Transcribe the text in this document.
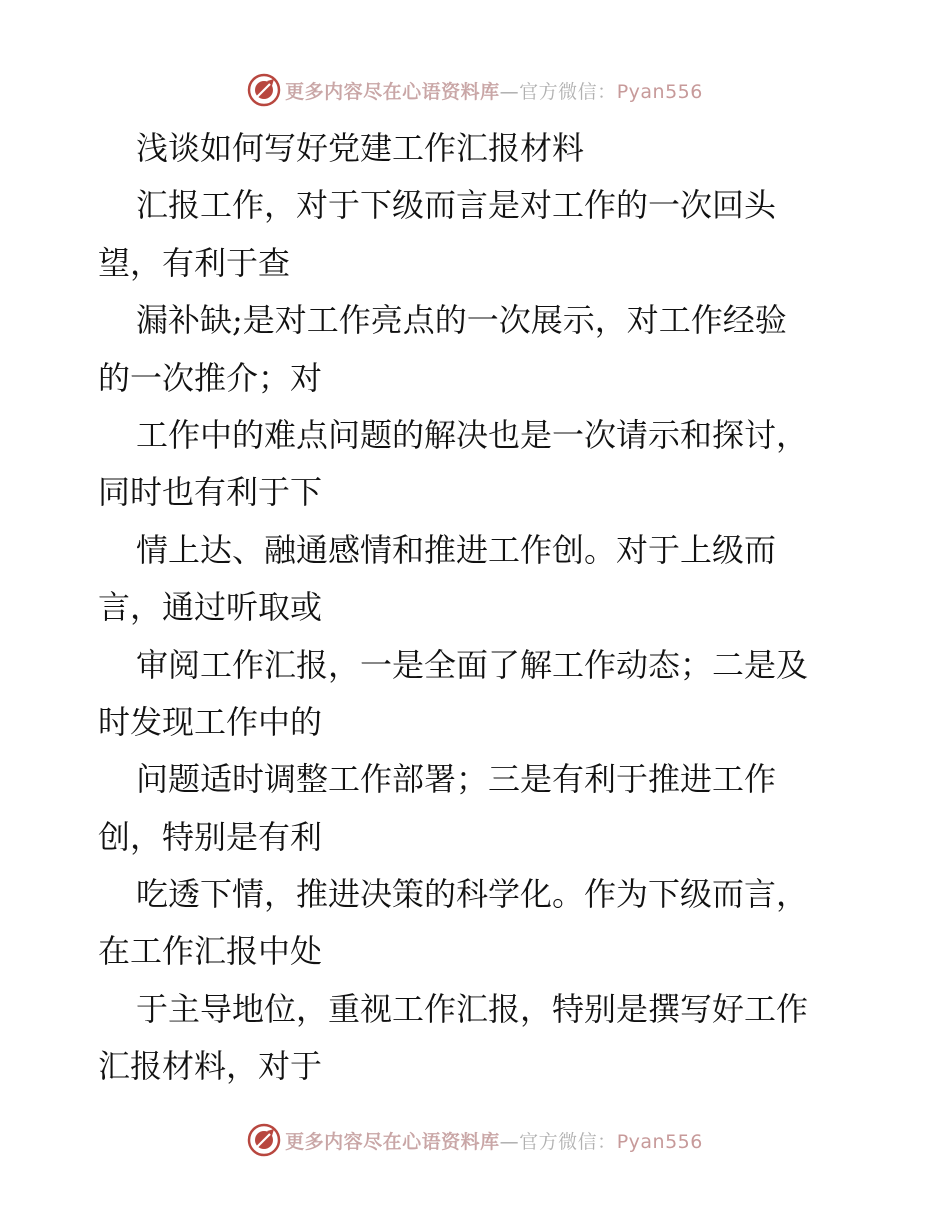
更多内容尽在心语资料库—官方微信：Pyan556
浅谈如何写好党建工作汇报材料
汇报工作，对于下级而言是对工作的一次回头
望，有利于查
漏补缺;是对工作亮点的一次展示，对工作经验
的一次推介；对
工作中的难点问题的解决也是一次请示和探讨，
同时也有利于下
情上达、融通感情和推进工作创。对于上级而
言，通过听取或
审阅工作汇报，一是全面了解工作动态；二是及
时发现工作中的
问题适时调整工作部署；三是有利于推进工作
创，特别是有利
吃透下情，推进决策的科学化。作为下级而言，
在工作汇报中处
于主导地位，重视工作汇报，特别是撰写好工作
汇报材料，对于
更多内容尽在心语资料库—官方微信：Pyan556
